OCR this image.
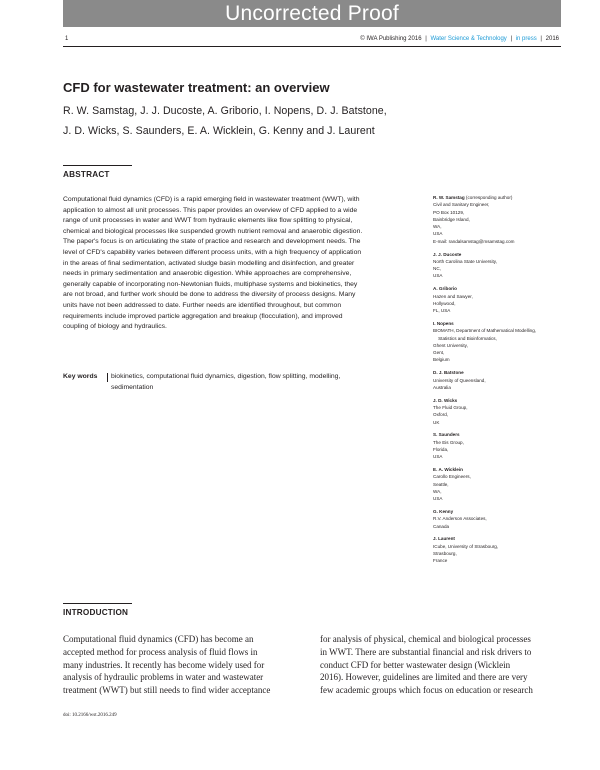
Uncorrected Proof
1	© IWA Publishing 2016 | Water Science & Technology | in press | 2016
CFD for wastewater treatment: an overview

R. W. Samstag, J. J. Ducoste, A. Griborio, I. Nopens, D. J. Batstone,
J. D. Wicks, S. Saunders, E. A. Wicklein, G. Kenny and J. Laurent

ABSTRACT

Computational fluid dynamics (CFD) is a rapid emerging field in wastewater treatment (WWT), with
application to almost all unit processes. This paper provides an overview of CFD applied to a wide
range of unit processes in water and WWT from hydraulic elements like flow splitting to physical,
chemical and biological processes like suspended growth nutrient removal and anaerobic digestion.
The paper's focus is on articulating the state of practice and research and development needs. The
level of CFD's capability varies between different process units, with a high frequency of application
in the areas of final sedimentation, activated sludge basin modelling and disinfection, and greater
needs in primary sedimentation and anaerobic digestion. While approaches are comprehensive,
generally capable of incorporating non-Newtonian fluids, multiphase systems and biokinetics, they
are not broad, and further work should be done to address the diversity of process designs. Many
units have not been addressed to date. Further needs are identified throughout, but common
requirements include improved particle aggregation and breakup (flocculation), and improved
coupling of biology and hydraulics.

Key words biokinetics, computational fluid dynamics, digestion, flow splitting, modelling,
sedimentation
R. W. Samstag (corresponding author)
Civil and Sanitary Engineer,
PO Box 10129,
Bainbridge Island,
WA,
USA
E-mail: randalsamstag@msamstag.com
J. J. Ducoste
North Carolina State University,
NC,
USA
A. Griborio
Hazen and Sawyer,
Hollywood,
FL, USA
I. Nopens
BIOMATH, Department of Mathematical Modelling,
Statistics and Bioinformatics,
Ghent University,
Gent,
Belgium
D. J. Batstone
University of Queensland,
Australia
J. D. Wicks
The Fluid Group,
Oxford,
UK
S. Saunders
The Eis Group,
Florida,
USA
E. A. Wicklein
Carollo Engineers,
Seattle,
WA,
USA
G. Kenny
R.V. Anderson Associates,
Canada
J. Laurent
ICube, University of Strasbourg,
Strasbourg,
France
INTRODUCTION

Computational fluid dynamics (CFD) has become an
accepted method for process analysis of fluid flows in
many industries. It recently has become widely used for
analysis of hydraulic problems in water and wastewater
treatment (WWT) but still needs to find wider acceptance

for analysis of physical, chemical and biological processes
in WWT. There are substantial financial and risk drivers to
conduct CFD for better wastewater design (Wicklein
2016). However, guidelines are limited and there are very
few academic groups which focus on education or research

doi: 10.2166/wst.2016.249
